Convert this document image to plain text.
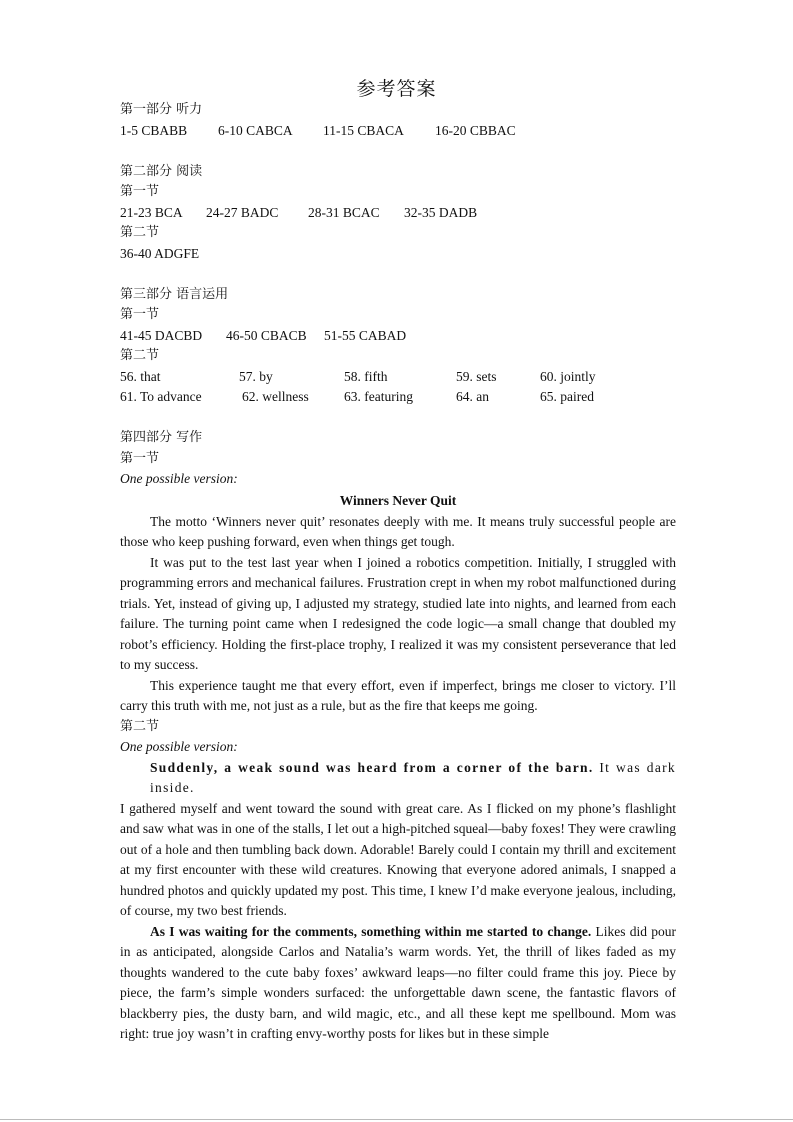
参考答案
第一部分 听力
1-5 CBABB 6-10 CABCA 11-15 CBACA 16-20 CBBAC
第二部分 阅读
第一节
21-23 BCA 24-27 BADC 28-31 BCAC 32-35 DADB
第二节
36-40 ADGFE
第三部分 语言运用
第一节
41-45 DACBD 46-50 CBACB 51-55 CABAD
第二节
56. that	57. by	58. fifth	59. sets	60. jointly
61. To advance	62. wellness	63. featuring	64. an	65. paired
第四部分 写作
第一节
One possible version:
Winners Never Quit

The motto ‘Winners never quit’ resonates deeply with me. It means truly successful people are those who keep pushing forward, even when things get tough.

It was put to the test last year when I joined a robotics competition. Initially, I struggled with programming errors and mechanical failures. Frustration crept in when my robot malfunctioned during trials. Yet, instead of giving up, I adjusted my strategy, studied late into nights, and learned from each failure. The turning point came when I redesigned the code logic—a small change that doubled my robot’s efficiency. Holding the first-place trophy, I realized it was my consistent perseverance that led to my success.

This experience taught me that every effort, even if imperfect, brings me closer to victory. I’ll carry this truth with me, not just as a rule, but as the fire that keeps me going.

第二节
One possible version:

Suddenly, a weak sound was heard from a corner of the barn. It was dark inside.

I gathered myself and went toward the sound with great care. As I flicked on my phone’s flashlight and saw what was in one of the stalls, I let out a high-pitched squeal—baby foxes! They were crawling out of a hole and then tumbling back down. Adorable! Barely could I contain my thrill and excitement at my first encounter with these wild creatures. Knowing that everyone adored animals, I snapped a hundred photos and quickly updated my post. This time, I knew I’d make everyone jealous, including, of course, my two best friends.

As I was waiting for the comments, something within me started to change. Likes did pour in as anticipated, alongside Carlos and Natalia’s warm words. Yet, the thrill of likes faded as my thoughts wandered to the cute baby foxes’ awkward leaps—no filter could frame this joy. Piece by piece, the farm’s simple wonders surfaced: the unforgettable dawn scene, the fantastic flavors of blackberry pies, the dusty barn, and wild magic, etc., and all these kept me spellbound. Mom was right: true joy wasn’t in crafting envy-worthy posts for likes but in these simple
